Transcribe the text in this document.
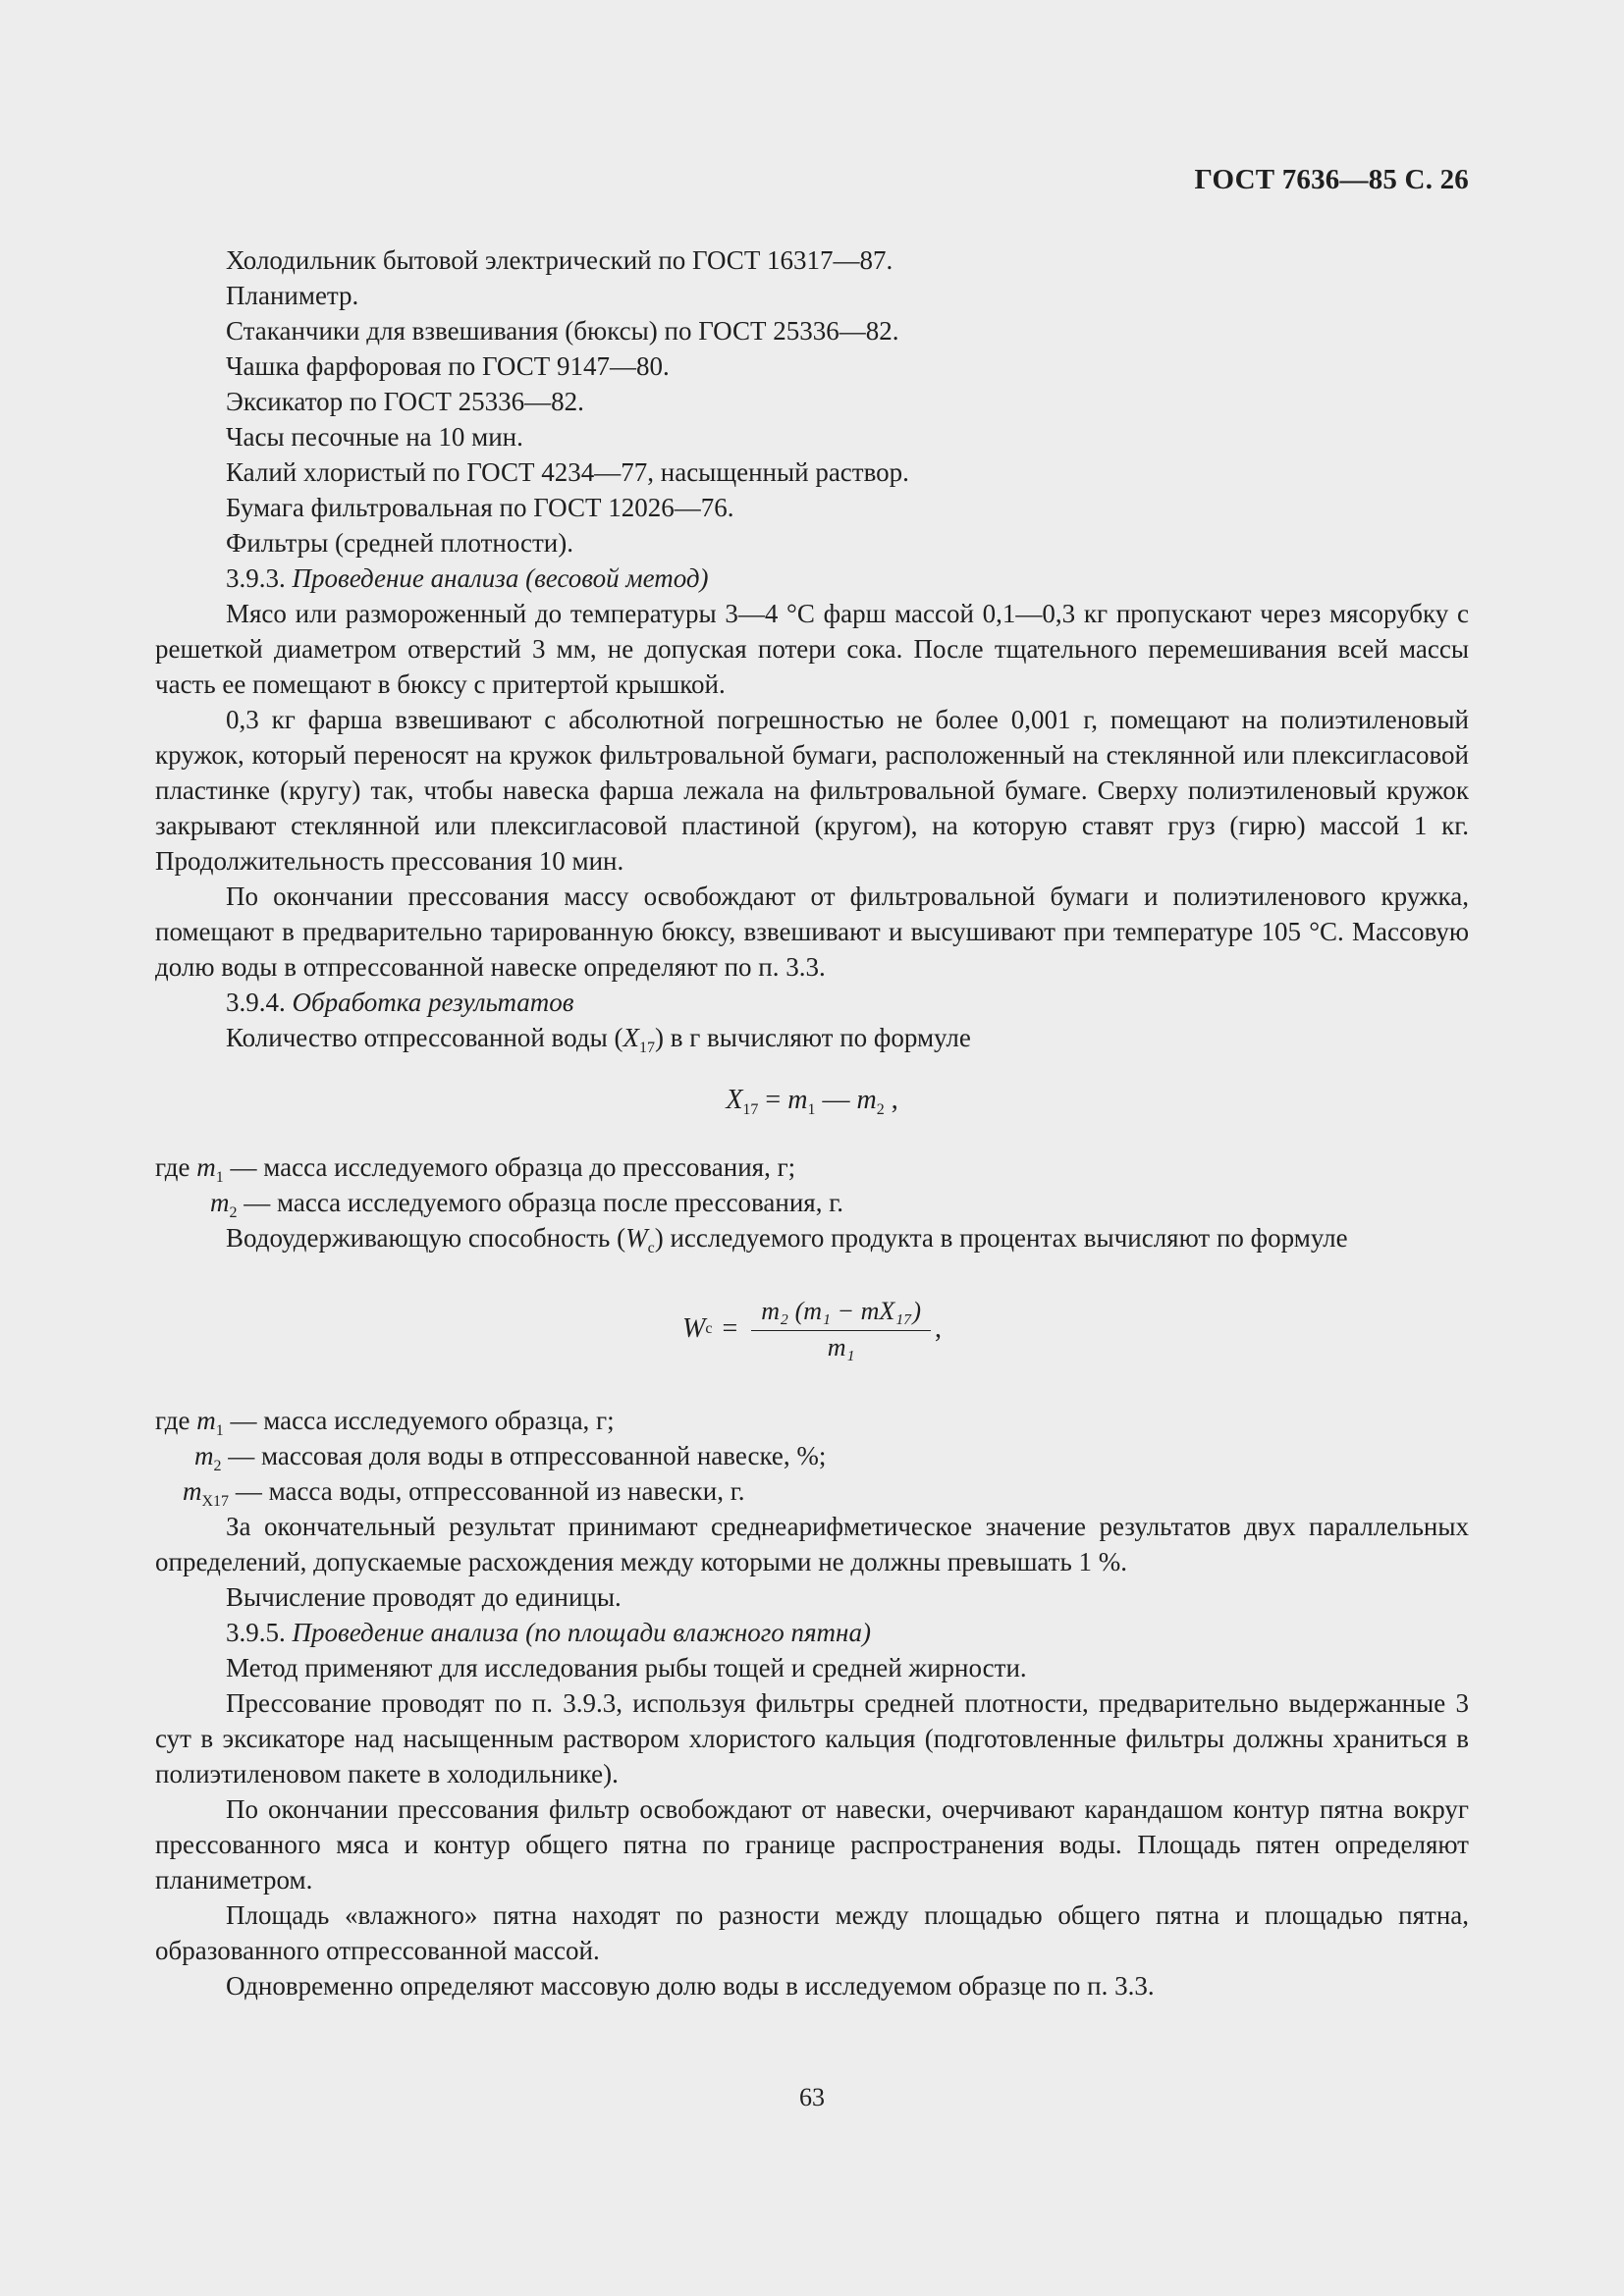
ГОСТ 7636—85 С. 26

Холодильник бытовой электрический по ГОСТ 16317—87.

Планиметр.

Стаканчики для взвешивания (бюксы) по ГОСТ 25336—82.

Чашка фарфоровая по ГОСТ 9147—80.

Эксикатор по ГОСТ 25336—82.

Часы песочные на 10 мин.

Калий хлористый по ГОСТ 4234—77, насыщенный раствор.

Бумага фильтровальная по ГОСТ 12026—76.

Фильтры (средней плотности).

3.9.3. Проведение анализа (весовой метод)

Мясо или размороженный до температуры 3—4 °С фарш массой 0,1—0,3 кг пропускают через мясорубку с решеткой диаметром отверстий 3 мм, не допуская потери сока. После тщательного перемешивания всей массы часть ее помещают в бюксу с притертой крышкой.

0,3 кг фарша взвешивают с абсолютной погрешностью не более 0,001 г, помещают на полиэтиленовый кружок, который переносят на кружок фильтровальной бумаги, расположенный на стеклянной или плексигласовой пластинке (кругу) так, чтобы навеска фарша лежала на фильтровальной бумаге. Сверху полиэтиленовый кружок закрывают стеклянной или плексигласовой пластиной (кругом), на которую ставят груз (гирю) массой 1 кг. Продолжительность прессования 10 мин.

По окончании прессования массу освобождают от фильтровальной бумаги и полиэтиленового кружка, помещают в предварительно тарированную бюксу, взвешивают и высушивают при температуре 105 °С. Массовую долю воды в отпрессованной навеске определяют по п. 3.3.

3.9.4. Обработка результатов

Количество отпрессованной воды $(X_{17})$ в г вычисляют по формуле

$X_{17} = m_1$ — $m_2$ ,

где $m_1$ — масса исследуемого образца до прессования, г;

$m_2$ — масса исследуемого образца после прессования, г.

Водоудерживающую способность $(W_с)$ исследуемого продукта в процентах вычисляют по формуле

W $с = \frac{\text{m₂ (m₁ − mX₁₇)}}{\text{m₁}}$ ,

где $m_1$ — масса исследуемого образца, г;

$m_2$ — массовая доля воды в отпрессованной навеске, %;

$m_{X17}$ — масса воды, отпрессованной из навески, г.

За окончательный результат принимают среднеарифметическое значение результатов двух параллельных определений, допускаемые расхождения между которыми не должны превышать 1 %.

Вычисление проводят до единицы.

3.9.5. Проведение анализа (по площади влажного пятна)

Метод применяют для исследования рыбы тощей и средней жирности.

Прессование проводят по п. 3.9.3, используя фильтры средней плотности, предварительно выдержанные 3 сут в эксикаторе над насыщенным раствором хлористого кальция (подготовленные фильтры должны храниться в полиэтиленовом пакете в холодильнике).

По окончании прессования фильтр освобождают от навески, очерчивают карандашом контур пятна вокруг прессованного мяса и контур общего пятна по границе распространения воды. Площадь пятен определяют планиметром.

Площадь «влажного» пятна находят по разности между площадью общего пятна и площадью пятна, образованного отпрессованной массой.

Одновременно определяют массовую долю воды в исследуемом образце по п. 3.3.

63
